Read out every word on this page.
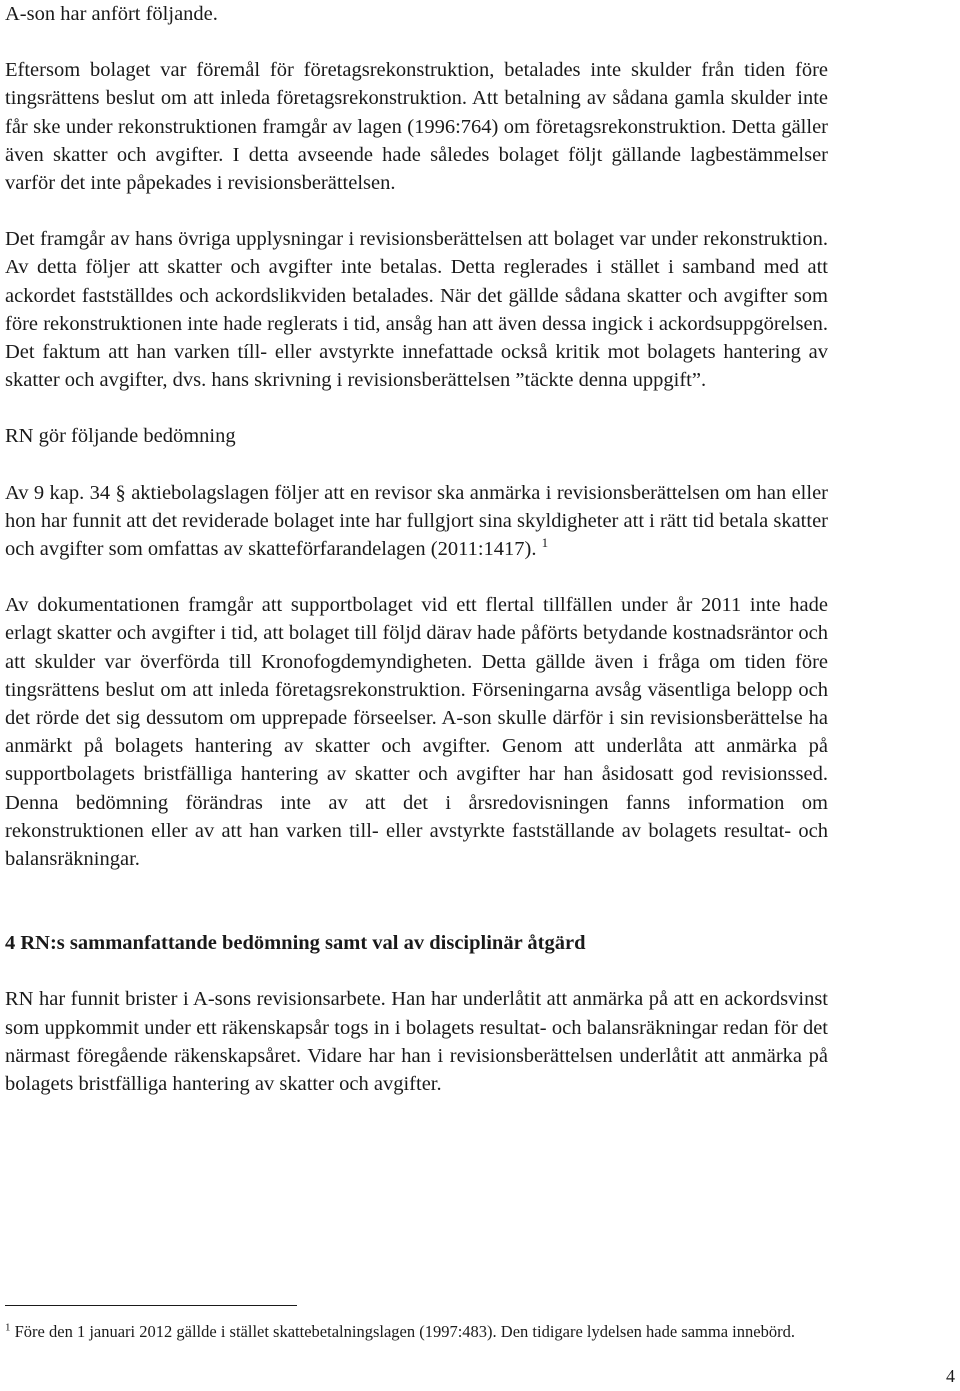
A-son har anfört följande.

Eftersom bolaget var föremål för företagsrekonstruktion, betalades inte skulder från tiden före tingsrättens beslut om att inleda företagsrekonstruktion. Att betalning av sådana gamla skulder inte får ske under rekonstruktionen framgår av lagen (1996:764) om företagsrekonstruktion. Detta gäller även skatter och avgifter. I detta avseende hade således bolaget följt gällande lagbestämmelser varför det inte påpekades i revisionsberättelsen.

Det framgår av hans övriga upplysningar i revisionsberättelsen att bolaget var under rekonstruktion. Av detta följer att skatter och avgifter inte betalas. Detta reglerades i stället i samband med att ackordet fastställdes och ackordslikviden betalades. När det gällde sådana skatter och avgifter som före rekonstruktionen inte hade reglerats i tid, ansåg han att även dessa ingick i ackordsuppgörelsen. Det faktum att han varken tíll- eller avstyrkte innefattade också kritik mot bolagets hantering av skatter och avgifter, dvs. hans skrivning i revisionsberättelsen ”täckte denna uppgift”.

RN gör följande bedömning

Av 9 kap. 34 § aktiebolagslagen följer att en revisor ska anmärka i revisionsberättelsen om han eller hon har funnit att det reviderade bolaget inte har fullgjort sina skyldigheter att i rätt tid betala skatter och avgifter som omfattas av skatteförfarandelagen (2011:1417). $^1$

Av dokumentationen framgår att supportbolaget vid ett flertal tillfällen under år 2011 inte hade erlagt skatter och avgifter i tid, att bolaget till följd därav hade påförts betydande kostnadsräntor och att skulder var överförda till Kronofogdemyndigheten. Detta gällde även i fråga om tiden före tingsrättens beslut om att inleda företagsrekonstruktion. Förseningarna avsåg väsentliga belopp och det rörde det sig dessutom om upprepade förseelser. A-son skulle därför i sin revisionsberättelse ha anmärkt på bolagets hantering av skatter och avgifter. Genom att underlåta att anmärka på supportbolagets bristfälliga hantering av skatter och avgifter har han åsidosatt god revisionssed. Denna bedömning förändras inte av att det i årsredovisningen fanns information om rekonstruktionen eller av att han varken till- eller avstyrkte fastställande av bolagets resultat- och balansräkningar.

4 RN:s sammanfattande bedömning samt val av disciplinär åtgärd

RN har funnit brister i A-sons revisionsarbete. Han har underlåtit att anmärka på att en ackordsvinst som uppkommit under ett räkenskapsår togs in i bolagets resultat- och balansräkningar redan för det närmast föregående räkenskapsåret. Vidare har han i revisionsberättelsen underlåtit att anmärka på bolagets bristfälliga hantering av skatter och avgifter.

$^1$ Före den 1 januari 2012 gällde i stället skattebetalningslagen (1997:483). Den tidigare lydelsen hade samma innebörd.

4
